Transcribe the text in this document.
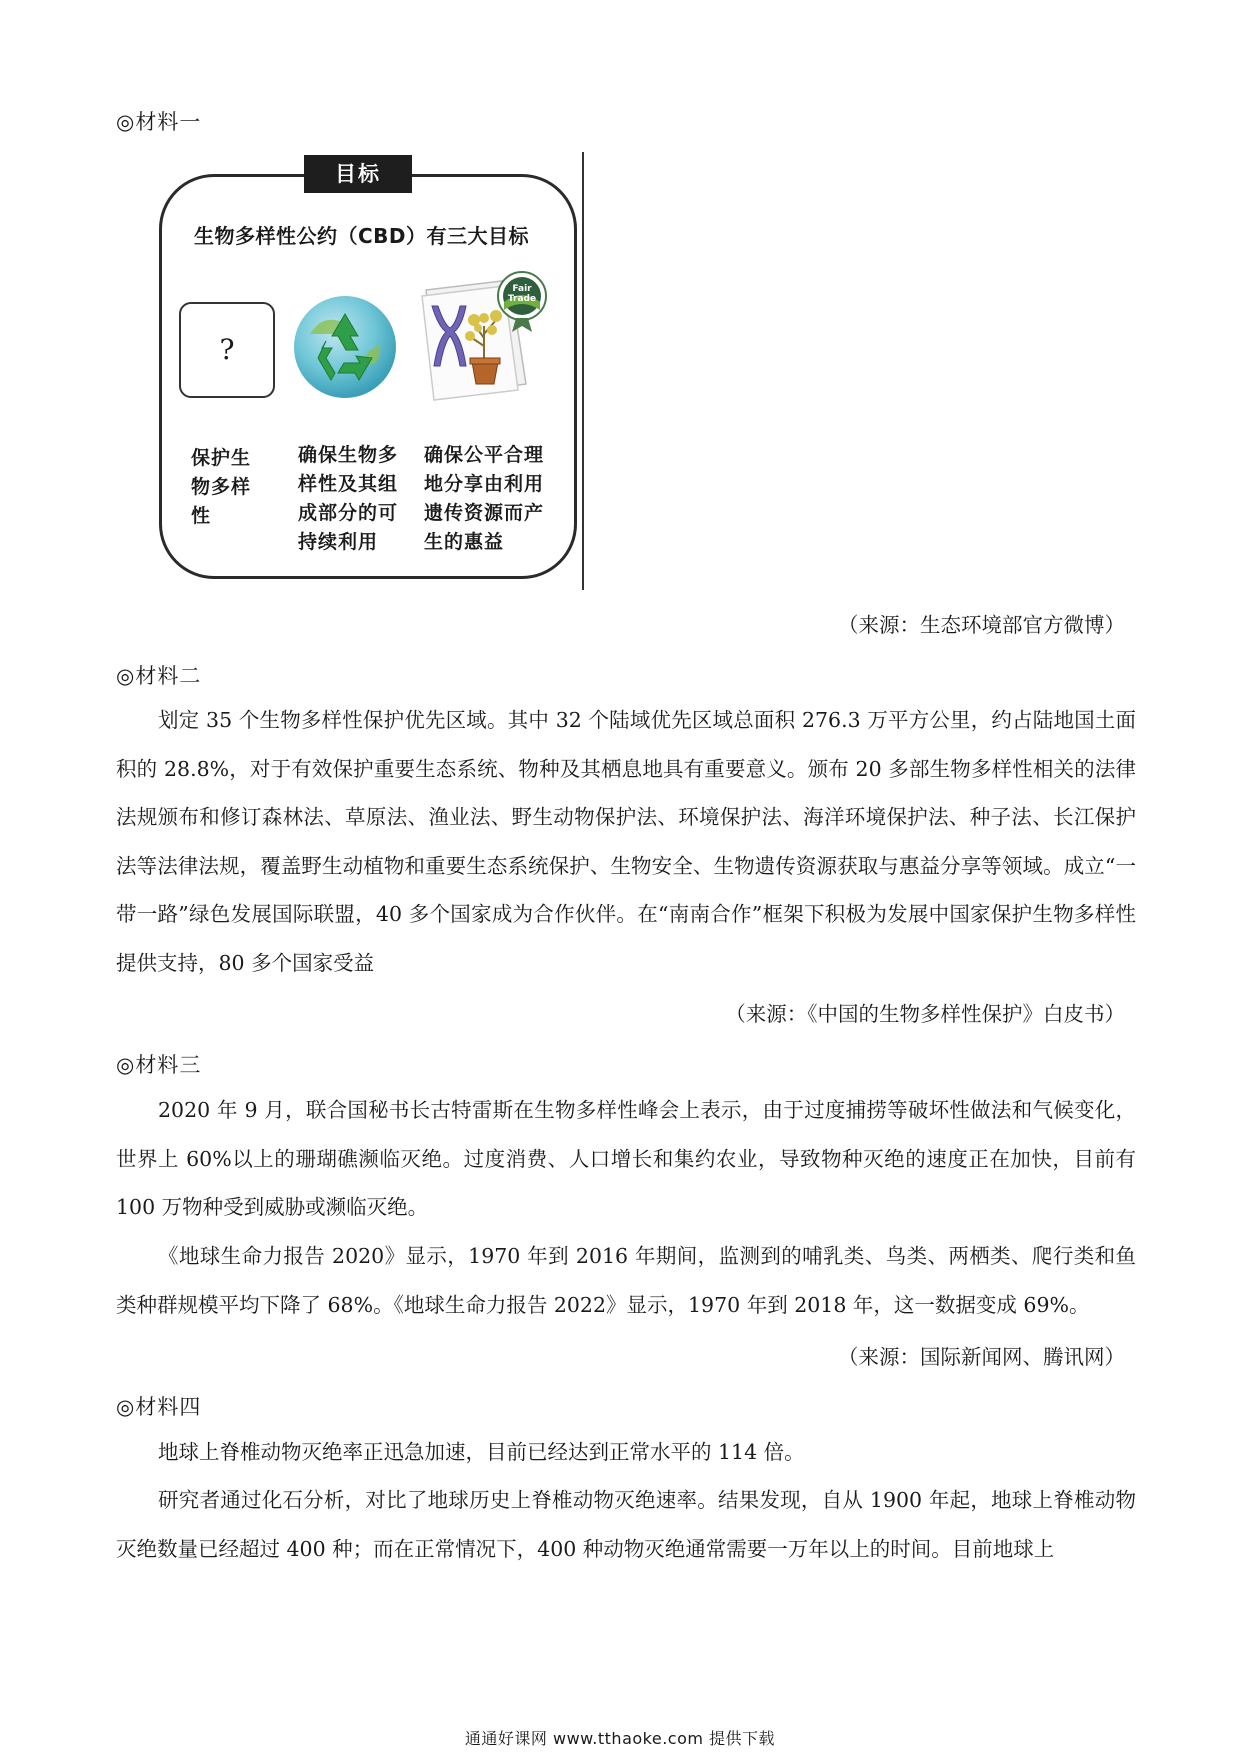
◎材料一
目标
生物多样性公约（CBD）有三大目标
?
Fair
Trade
保护生
物多样
性
确保生物多
样性及其组
成部分的可
持续利用
确保公平合理
地分享由利用
遗传资源而产
生的惠益
（来源：生态环境部官方微博）
◎材料二

划定 35 个生物多样性保护优先区域。其中 32 个陆域优先区域总面积 276.3 万平方公里，约占陆地国土面积的 28.8%，对于有效保护重要生态系统、物种及其栖息地具有重要意义。颁布 20 多部生物多样性相关的法律法规颁布和修订森林法、草原法、渔业法、野生动物保护法、环境保护法、海洋环境保护法、种子法、长江保护法等法律法规，覆盖野生动植物和重要生态系统保护、生物安全、生物遗传资源获取与惠益分享等领域。成立“一带一路”绿色发展国际联盟，40 多个国家成为合作伙伴。在“南南合作”框架下积极为发展中国家保护生物多样性提供支持，80 多个国家受益

（来源：《中国的生物多样性保护》白皮书）
◎材料三

2020 年 9 月，联合国秘书长古特雷斯在生物多样性峰会上表示，由于过度捕捞等破坏性做法和气候变化，世界上 60%以上的珊瑚礁濒临灭绝。过度消费、人口增长和集约农业，导致物种灭绝的速度正在加快，目前有 100 万物种受到威胁或濒临灭绝。

《地球生命力报告 2020》显示，1970 年到 2016 年期间，监测到的哺乳类、鸟类、两栖类、爬行类和鱼类种群规模平均下降了 68%。《地球生命力报告 2022》显示，1970 年到 2018 年，这一数据变成 69%。

（来源：国际新闻网、腾讯网）
◎材料四

地球上脊椎动物灭绝率正迅急加速，目前已经达到正常水平的 114 倍。

研究者通过化石分析，对比了地球历史上脊椎动物灭绝速率。结果发现，自从 1900 年起，地球上脊椎动物灭绝数量已经超过 400 种；而在正常情况下，400 种动物灭绝通常需要一万年以上的时间。目前地球上

通通好课网 www.tthaoke.com 提供下载
